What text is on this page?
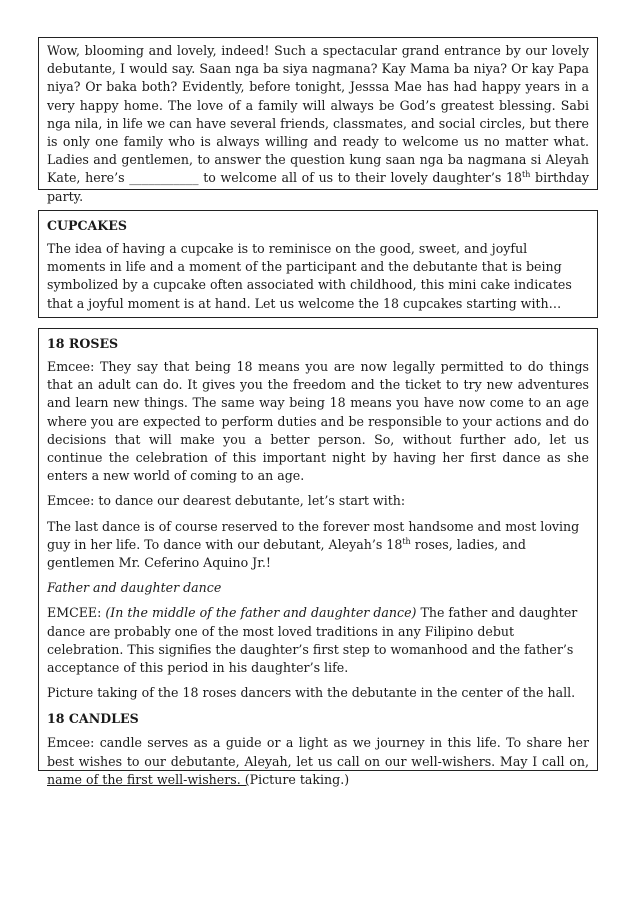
Wow, blooming and lovely, indeed! Such a spectacular grand entrance by our lovely debutante, I would say. Saan nga ba siya nagmana? Kay Mama ba niya? Or kay Papa niya? Or baka both? Evidently, before tonight, Jesssa Mae has had happy years in a very happy home. The love of a family will always be God’s greatest blessing. Sabi nga nila, in life we can have several friends, classmates, and social circles, but there is only one family who is always willing and ready to welcome us no matter what. Ladies and gentlemen, to answer the question kung saan nga ba nagmana si Aleyah Kate, here’s ___________ to welcome all of us to their lovely daughter’s 18th birthday party.

CUPCAKES

The idea of having a cupcake is to reminisce on the good, sweet, and joyful moments in life and a moment of the participant and the debutante that is being symbolized by a cupcake often associated with childhood, this mini cake indicates that a joyful moment is at hand. Let us welcome the 18 cupcakes starting with…

18 ROSES

Emcee: They say that being 18 means you are now legally permitted to do things that an adult can do. It gives you the freedom and the ticket to try new adventures and learn new things. The same way being 18 means you have now come to an age where you are expected to perform duties and be responsible to your actions and do decisions that will make you a better person. So, without further ado, let us continue the celebration of this important night by having her first dance as she enters a new world of coming to an age.

Emcee: to dance our dearest debutante, let’s start with:

The last dance is of course reserved to the forever most handsome and most loving guy in her life. To dance with our debutant, Aleyah’s 18th roses, ladies, and gentlemen Mr. Ceferino Aquino Jr.!

Father and daughter dance

EMCEE: (In the middle of the father and daughter dance) The father and daughter dance are probably one of the most loved traditions in any Filipino debut celebration. This signifies the daughter’s first step to womanhood and the father’s acceptance of this period in his daughter’s life.

Picture taking of the 18 roses dancers with the debutante in the center of the hall.

18 CANDLES

Emcee: candle serves as a guide or a light as we journey in this life. To share her best wishes to our debutante, Aleyah, let us call on our well-wishers. May I call on, name of the first well-wishers. (Picture taking.)
